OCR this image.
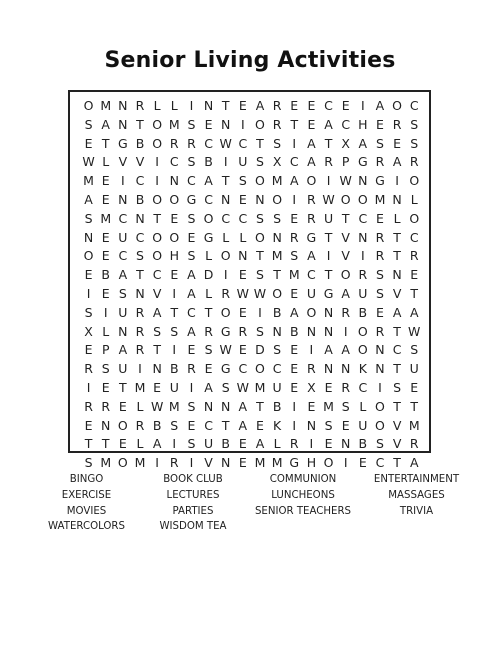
Senior Living Activities
O M N R L L I N T E A R E E C E I A O C
S A N T O M S E N I O R T E A C H E R S
E T G B O R R C W C T S I A T X A S E S
W L V V I C S B I U S X C A R P G R A R
M E I C I N C A T S O M A O I W N G I O
A E N B O O G C N E N O I R W O O M N L
S M C N T E S O C C S S E R U T C E L O
N E U C O O E G L L O N R G T V N R T C
O E C S O H S L O N T M S A I V I R T R
E B A T C E A D I E S T M C T O R S N E
I E S N V I A L R W W O E U G A U S V T
S I U R A T C T O E I B A O N R B E A A
X L N R S S A R G R S N B N N I O R T W
E P A R T I E S W E D S E I A A O N C S
R S U I N B R E G C O C E R N N K N T U
I E T M E U I A S W M U E X E R C I S E
R R E L W M S N N A T B I E M S L O T T
E N O R B S E C T A E K I N S E U O V M
T T E L A I S U B E A L R I E N B S V R
S M O M I R I V N E M M G H O I E C T A
BINGO	BOOK CLUB	COMMUNION	ENTERTAINMENT
EXERCISE	LECTURES	LUNCHEONS	MASSAGES
MOVIES	PARTIES	SENIOR TEACHERS	TRIVIA
WATERCOLORS	WISDOM TEA
